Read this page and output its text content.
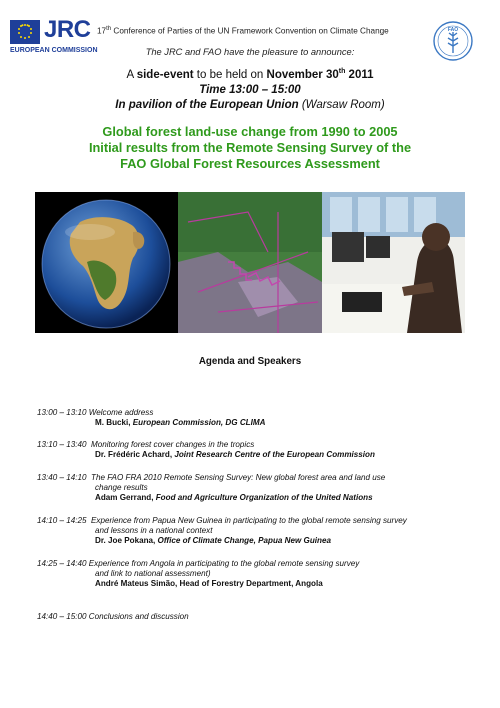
JRC
EUROPEAN COMMISSION
FAO
17th Conference of Parties of the UN Framework Convention on Climate Change
The JRC and FAO have the pleasure to announce:
A side-event to be held on November 30th 2011
Time 13:00 – 15:00
In pavilion of the European Union (Warsaw Room)
Global forest land-use change from 1990 to 2005
Initial results from the Remote Sensing Survey of the
FAO Global Forest Resources Assessment
Agenda and Speakers
13:00 – 13:10 Welcome address
M. Bucki, European Commission, DG CLIMA
13:10 – 13:40 Monitoring forest cover changes in the tropics
Dr. Frédéric Achard, Joint Research Centre of the European Commission
13:40 – 14:10 The FAO FRA 2010 Remote Sensing Survey: New global forest area and land use
change results
Adam Gerrand, Food and Agriculture Organization of the United Nations
14:10 – 14:25 Experience from Papua New Guinea in participating to the global remote sensing survey
and lessons in a national context
Dr. Joe Pokana, Office of Climate Change, Papua New Guinea
14:25 – 14:40 Experience from Angola in participating to the global remote sensing survey
and link to national assessment)
André Mateus Simão, Head of Forestry Department, Angola
14:40 – 15:00 Conclusions and discussion
